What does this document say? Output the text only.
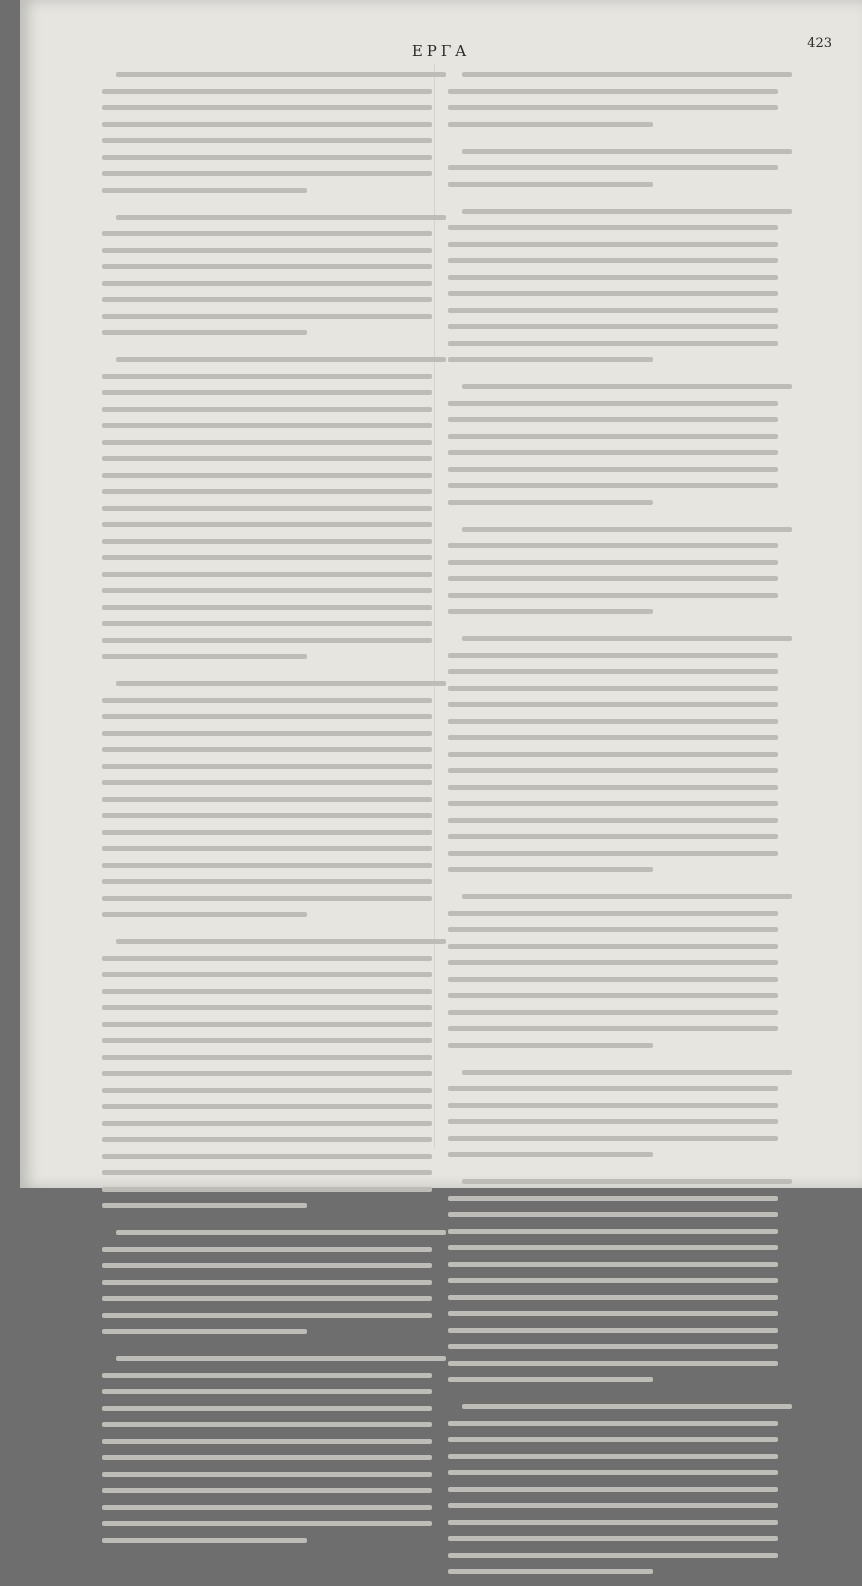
ΕΡΓΑ	423
